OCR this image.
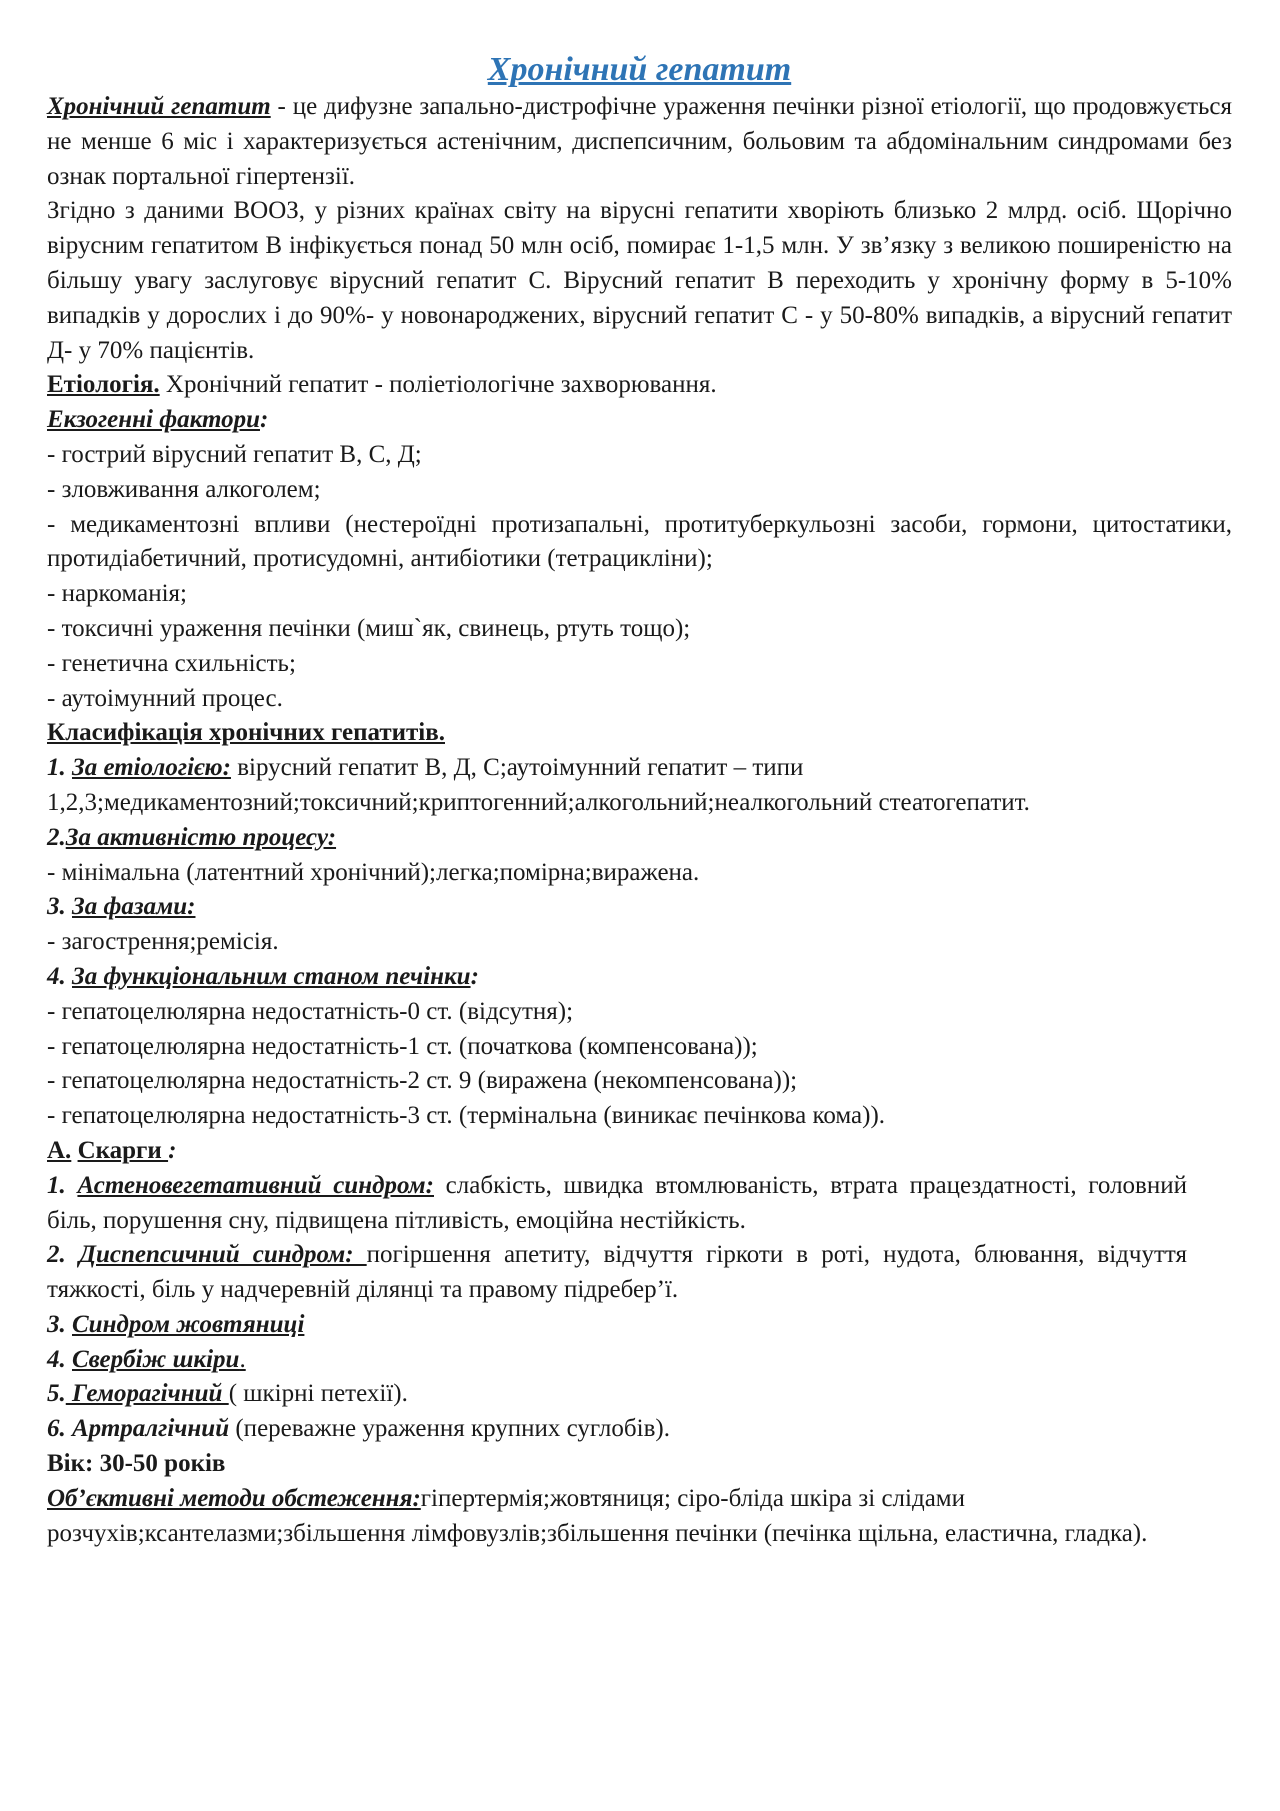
Хронічний гепатит

Хронічний гепатит - це дифузне запально-дистрофічне ураження печінки різної етіології, що продовжується не менше 6 міс і характеризується астенічним, диспепсичним, больовим та абдомінальним синдромами без ознак портальної гіпертензії.

Згідно з даними ВООЗ, у різних країнах світу на вірусні гепатити хворіють близько 2 млрд. осіб. Щорічно вірусним гепатитом В інфікується понад 50 млн осіб, помирає 1-1,5 млн. У зв’язку з великою поширеністю на більшу увагу заслуговує вірусний гепатит С. Вірусний гепатит В переходить у хронічну форму в 5-10% випадків у дорослих і до 90%- у новонароджених, вірусний гепатит С - у 50-80% випадків, а вірусний гепатит Д- у 70% пацієнтів.

Етіологія. Хронічний гепатит - поліетіологічне захворювання.

Екзогенні фактори:

- гострий вірусний гепатит В, С, Д;

- зловживання алкоголем;

- медикаментозні впливи (нестероїдні протизапальні, протитуберкульозні засоби, гормони, цитостатики, протидіабетичний, протисудомні, антибіотики (тетрацикліни);

- наркоманія;

- токсичні ураження печінки (миш`як, свинець, ртуть тощо);

- генетична схильність;

- аутоімунний процес.

Класифікація хронічних гепатитів.

1. За етіологією: вірусний гепатит В, Д, С;аутоімунний гепатит – типи 1,2,3;медикаментозний;токсичний;криптогенний;алкогольний;неалкогольний стеатогепатит.

2.За активністю процесу:

- мінімальна (латентний хронічний);легка;помірна;виражена.

3. За фазами:

- загострення;ремісія.

4. За функціональним станом печінки:

- гепатоцелюлярна недостатність-0 ст. (відсутня);

- гепатоцелюлярна недостатність-1 ст. (початкова (компенсована));

- гепатоцелюлярна недостатність-2 ст. 9 (виражена (некомпенсована));

- гепатоцелюлярна недостатність-3 ст. (термінальна (виникає печінкова кома)).

А. Скарги :

1. Астеновегетативний синдром: слабкість, швидка втомлюваність, втрата працездатності, головний біль, порушення сну, підвищена пітливість, емоційна нестійкість.

2. Диспепсичний синдром: погіршення апетиту, відчуття гіркоти в роті, нудота, блювання, відчуття тяжкості, біль у надчеревній ділянці та правому підребер’ї.

3. Синдром жовтяниці

4. Свербіж шкіри.

5. Геморагічний ( шкірні петехії).

6. Артралгічний (переважне ураження крупних суглобів).

Вік: 30-50 років

Об’єктивні методи обстеження:гіпертермія;жовтяниця; сіро-бліда шкіра зі слідами розчухів;ксантелазми;збільшення лімфовузлів;збільшення печінки (печінка щільна, еластична, гладка).
